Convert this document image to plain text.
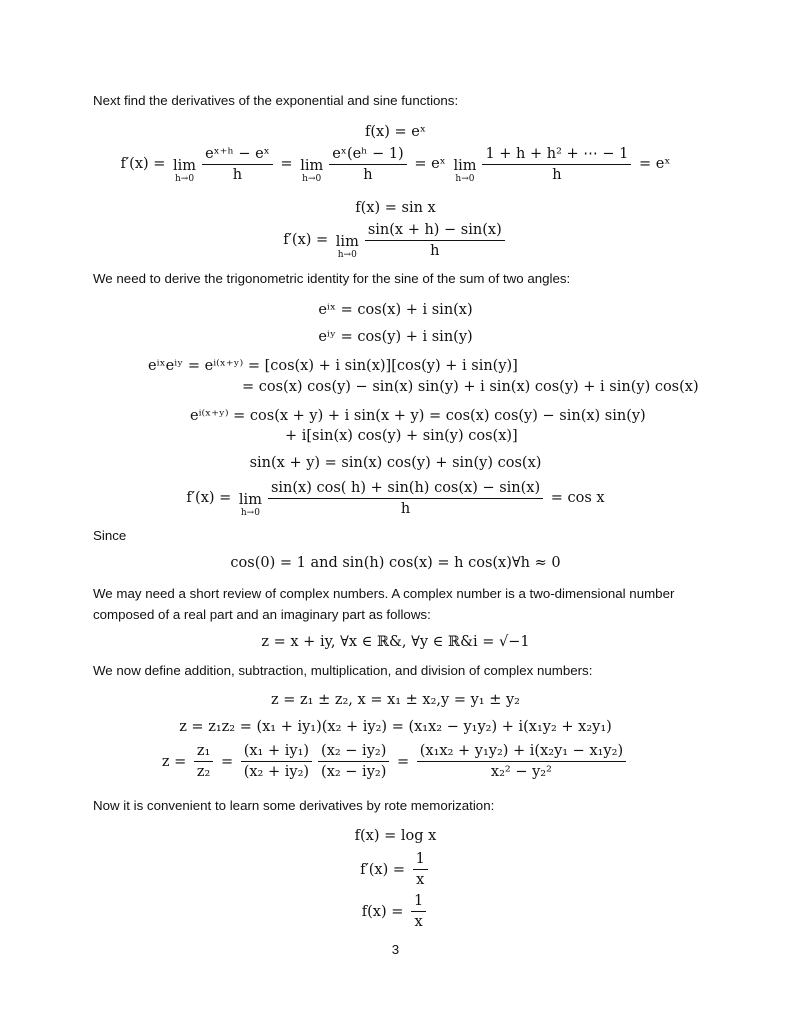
Next find the derivatives of the exponential and sine functions:
f(x) = eˣ
f′(x) = lim
$h\to 0 \frac{\text{eˣ⁺ʰ − eˣ}}{h} = \lim$
$h\to 0 \frac{\text{eˣ(eʰ − 1)}}{h}$ = eˣ lim
$h\to 0 \frac{\text{1 + h + h² + ⋯ − 1}}{h}$ = eˣ
f(x) = sin x
f′(x) = lim
$h\to 0 \frac{\sin(x + h) - \sin(x)}{h}$
We need to derive the trigonometric identity for the sine of the sum of two angles:
eⁱˣ = cos(x) + i sin(x)
eⁱʸ = cos(y) + i sin(y)
eⁱˣeⁱʸ = eⁱ⁽ˣ⁺ʸ⁾ = [cos(x) + i sin(x)][cos(y) + i sin(y)]
= cos(x) cos(y) − sin(x) sin(y) + i sin(x) cos(y) + i sin(y) cos(x)
eⁱ⁽ˣ⁺ʸ⁾ = cos(x + y) + i sin(x + y) = cos(x) cos(y) − sin(x) sin(y)
+ i[sin(x) cos(y) + sin(y) cos(x)]
sin(x + y) = sin(x) cos(y) + sin(y) cos(x)
f′(x) = lim
$h\to 0 \frac{\sin(x) \cos( h) + \sin(h) \cos(x) - \sin(x)}{h} = \cos x$
Since
cos(0) = 1 and sin(h) cos(x) = h cos(x)∀h ≈ 0
We may need a short review of complex numbers. A complex number is a two-dimensional number composed of a real part and an imaginary part as follows:
z = x + iy, ∀x ∈ ℝ&, ∀y ∈ ℝ&i = √−1
We now define addition, subtraction, multiplication, and division of complex numbers:
z = z₁ ± z₂, x = x₁ ± x₂,y = y₁ ± y₂
z = z₁z₂ = (x₁ + iy₁)(x₂ + iy₂) = (x₁x₂ − y₁y₂) + i(x₁y₂ + x₂y₁)
$z = \frac{\text{z₁}}{\text{z₂}} = \frac{\text{(x₁ + iy₁)}}{\text{(x₂ + iy₂)}} \frac{\text{(x₂ − iy₂)}}{\text{(x₂ − iy₂)}} = \frac{\text{(x₁x₂ + y₁y₂) + i(x₂y₁ − x₁y₂)}}{\text{x₂² − y₂²}}$
Now it is convenient to learn some derivatives by rote memorization:
f(x) = log x
$f'(x) = \frac{1}{x}$
$f(x) = \frac{1}{x}$
3
